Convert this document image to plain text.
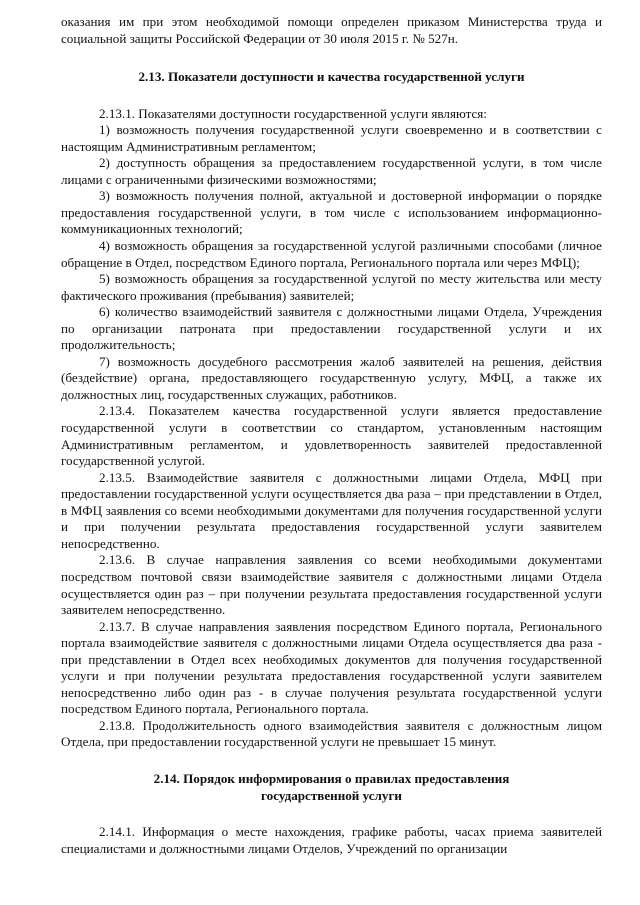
оказания им при этом необходимой помощи определен приказом Министерства труда и социальной защиты Российской Федерации от 30 июля 2015 г. № 527н.

2.13. Показатели доступности и качества государственной услуги

2.13.1. Показателями доступности государственной услуги являются:

1) возможность получения государственной услуги своевременно и в соответствии с настоящим Административным регламентом;

2) доступность обращения за предоставлением государственной услуги, в том числе лицами с ограниченными физическими возможностями;

3) возможность получения полной, актуальной и достоверной информации о порядке предоставления государственной услуги, в том числе с использованием информационно-коммуникационных технологий;

4) возможность обращения за государственной услугой различными способами (личное обращение в Отдел, посредством Единого портала, Регионального портала или через МФЦ);

5) возможность обращения за государственной услугой по месту жительства или месту фактического проживания (пребывания) заявителей;

6) количество взаимодействий заявителя с должностными лицами Отдела, Учреждения по организации патроната при предоставлении государственной услуги и их продолжительность;

7) возможность досудебного рассмотрения жалоб заявителей на решения, действия (бездействие) органа, предоставляющего государственную услугу, МФЦ, а также их должностных лиц, государственных служащих, работников.

2.13.4. Показателем качества государственной услуги является предоставление государственной услуги в соответствии со стандартом, установленным настоящим Административным регламентом, и удовлетворенность заявителей предоставленной государственной услугой.

2.13.5. Взаимодействие заявителя с должностными лицами Отдела, МФЦ при предоставлении государственной услуги осуществляется два раза – при представлении в Отдел, в МФЦ заявления со всеми необходимыми документами для получения государственной услуги и при получении результата предоставления государственной услуги заявителем непосредственно.

2.13.6. В случае направления заявления со всеми необходимыми документами посредством почтовой связи взаимодействие заявителя с должностными лицами Отдела осуществляется один раз – при получении результата предоставления государственной услуги заявителем непосредственно.

2.13.7. В случае направления заявления посредством Единого портала, Регионального портала взаимодействие заявителя с должностными лицами Отдела осуществляется два раза - при представлении в Отдел всех необходимых документов для получения государственной услуги и при получении результата предоставления государственной услуги заявителем непосредственно либо один раз - в случае получения результата государственной услуги посредством Единого портала, Регионального портала.

2.13.8. Продолжительность одного взаимодействия заявителя с должностным лицом Отдела, при предоставлении государственной услуги не превышает 15 минут.

2.14. Порядок информирования о правилах предоставления
государственной услуги

2.14.1. Информация о месте нахождения, графике работы, часах приема заявителей специалистами и должностными лицами Отделов, Учреждений по организации
